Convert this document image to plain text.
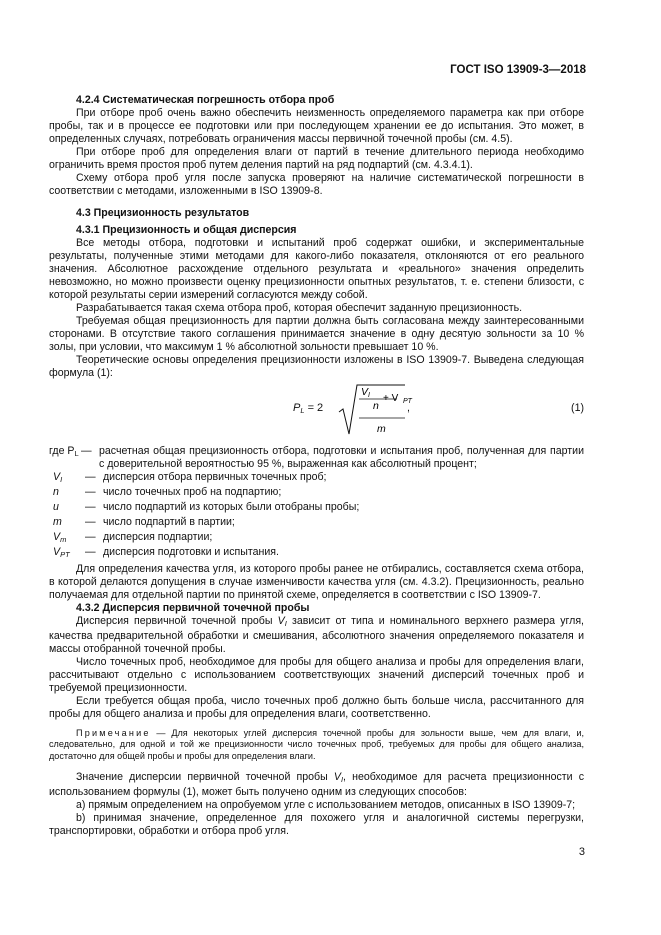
ГОСТ ISO 13909-3—2018

4.2.4 Систематическая погрешность отбора проб

При отборе проб очень важно обеспечить неизменность определяемого параметра как при отборе пробы, так и в процессе ее подготовки или при последующем хранении ее до испытания. Это может, в определенных случаях, потребовать ограничения массы первичной точечной пробы (см. 4.5).

При отборе проб для определения влаги от партий в течение длительного периода необходимо ограничить время простоя проб путем деления партий на ряд подпартий (см. 4.3.4.1).

Схему отбора проб угля после запуска проверяют на наличие систематической погрешности в соответствии с методами, изложенными в ISO 13909-8.

4.3 Прецизионность результатов

4.3.1 Прецизионность и общая дисперсия

Все методы отбора, подготовки и испытаний проб содержат ошибки, и экспериментальные результаты, полученные этими методами для какого-либо показателя, отклоняются от его реального значения. Абсолютное расхождение отдельного результата и «реального» значения определить невозможно, но можно произвести оценку прецизионности опытных результатов, т. е. степени близости, с которой результаты серии измерений согласуются между собой.

Разрабатывается такая схема отбора проб, которая обеспечит заданную прецизионность.

Требуемая общая прецизионность для партии должна быть согласована между заинтересованными сторонами. В отсутствие такого соглашения принимается значение в одну десятую зольности за 10 % золы, при условии, что максимум 1 % абсолютной зольности превышает 10 %.

Теоретические основы определения прецизионности изложены в ISO 13909-7. Выведена следующая формула (1):

$P_L = 2$
V I
n
+ V PT
m
,	(1)
где $P_L$ — расчетная общая прецизионность отбора, подготовки и испытания проб, полученная для партии с доверительной вероятностью 95 %, выраженная как абсолютный процент;
$V_I$	— дисперсия отбора первичных точечных проб;
n	— число точечных проб на подпартию;
u	— число подпартий из которых были отобраны пробы;
m	— число подпартий в партии;
$V_m$	— дисперсия подпартии;
$V_{PT}$	— дисперсия подготовки и испытания.

Для определения качества угля, из которого пробы ранее не отбирались, составляется схема отбора, в которой делаются допущения в случае изменчивости качества угля (см. 4.3.2). Прецизионность, реально получаемая для отдельной партии по принятой схеме, определяется в соответствии с ISO 13909-7.

4.3.2 Дисперсия первичной точечной пробы

Дисперсия первичной точечной пробы $V_I$ зависит от типа и номинального верхнего размера угля, качества предварительной обработки и смешивания, абсолютного значения определяемого показателя и массы отобранной точечной пробы.

Число точечных проб, необходимое для пробы для общего анализа и пробы для определения влаги, рассчитывают отдельно с использованием соответствующих значений дисперсий точечных проб и требуемой прецизионности.

Если требуется общая проба, число точечных проб должно быть больше числа, рассчитанного для пробы для общего анализа и пробы для определения влаги, соответственно.

Примечание — Для некоторых углей дисперсия точечной пробы для зольности выше, чем для влаги, и, следовательно, для одной и той же прецизионности число точечных проб, требуемых для пробы для общего анализа, достаточно для общей пробы и пробы для определения влаги.

Значение дисперсии первичной точечной пробы $V_I$, необходимое для расчета прецизионности с использованием формулы (1), может быть получено одним из следующих способов:

а) прямым определением на опробуемом угле с использованием методов, описанных в ISO 13909-7;

b) принимая значение, определенное для похожего угля и аналогичной системы перегрузки, транспортировки, обработки и отбора проб угля.

3
